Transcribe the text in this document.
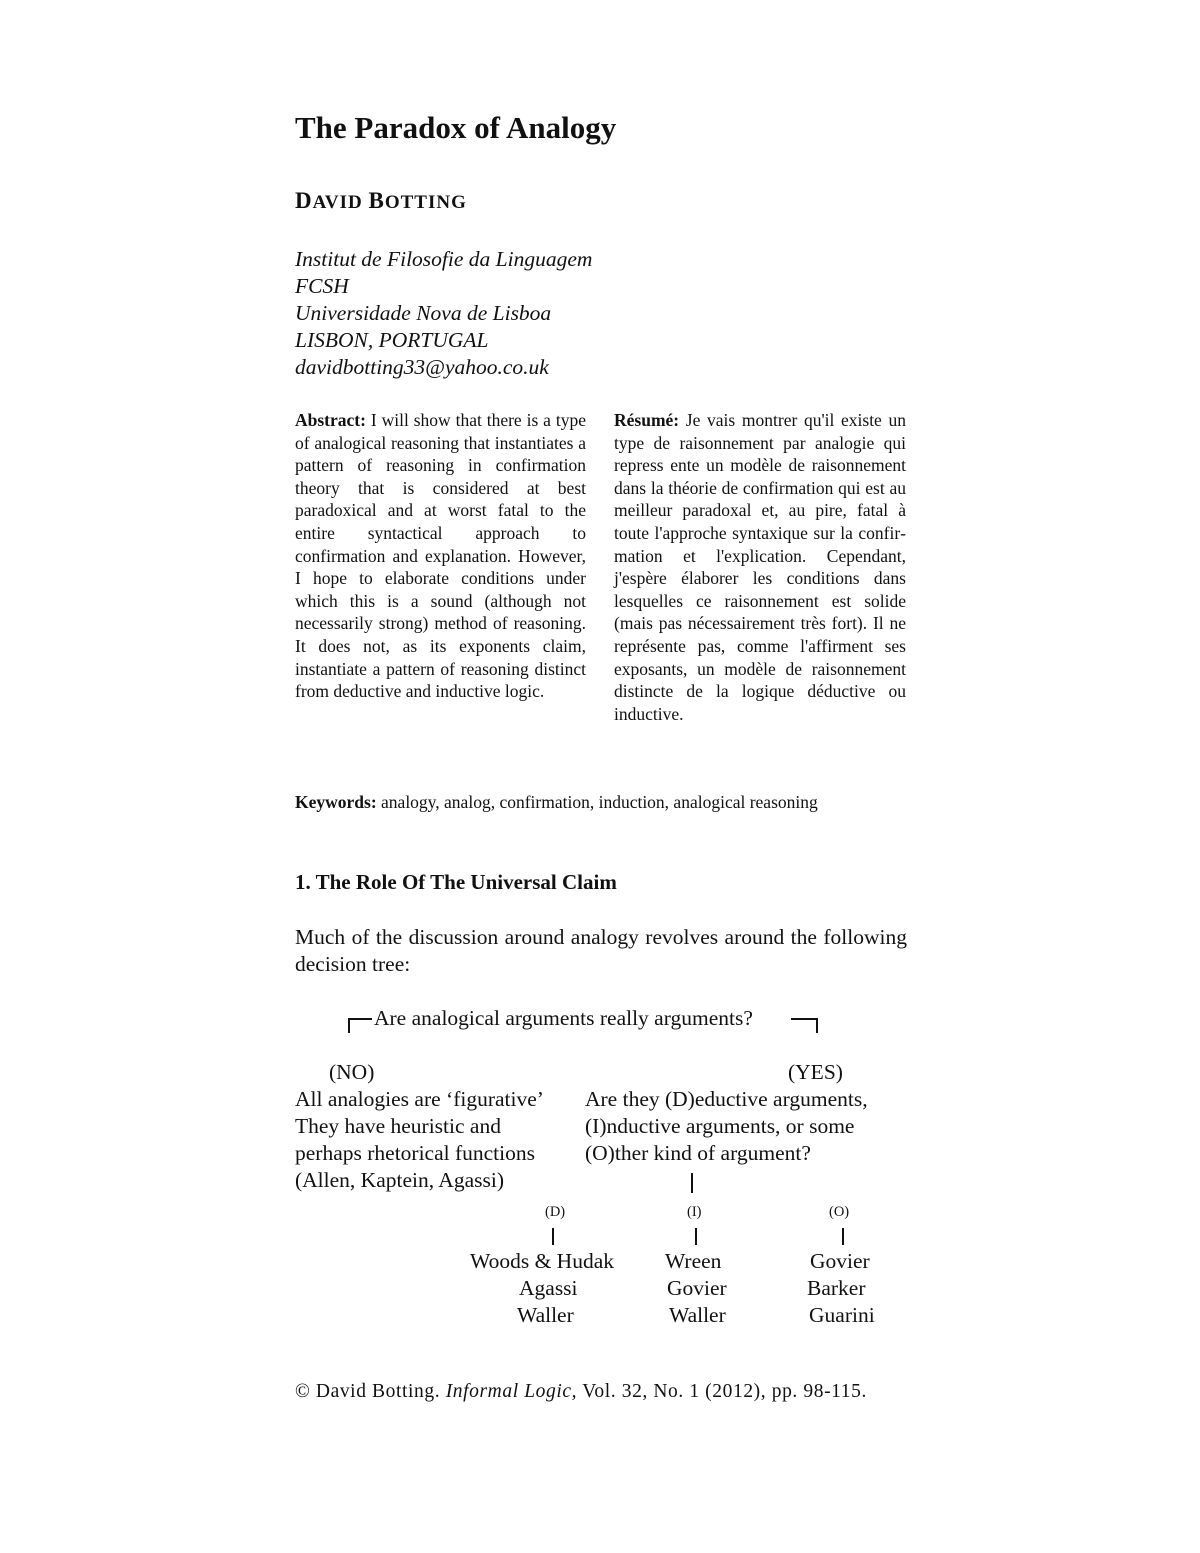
The Paradox of Analogy
DAVID BOTTING
Institut de Filosofie da Linguagem
FCSH
Universidade Nova de Lisboa
LISBON, PORTUGAL
davidbotting33@yahoo.co.uk
Abstract: I will show that there is a type of analogical reasoning that instantiates a pattern of reasoning in confirmation theory that is considered at best paradoxical and at worst fatal to the entire syntactical approach to confirmation and explanation. However, I hope to elaborate conditions under which this is a sound (although not necessarily strong) method of reasoning. It does not, as its exponents claim, instantiate a pattern of reasoning distinct from deductive and inductive logic.
Résumé: Je vais montrer qu'il existe un type de raisonnement par analogie qui repress ente un modèle de raisonnement dans la théorie de confirmation qui est au meilleur paradoxal et, au pire, fatal à toute l'approche syntaxique sur la confirmation et l'explication. Cependant, j'espère élaborer les conditions dans lesquelles ce raisonnement est solide (mais pas nécessairement très fort). Il ne représente pas, comme l'affirment ses exposants, un modèle de raisonnement distincte de la logique déductive ou inductive.
Keywords: analogy, analog, confirmation, induction, analogical reasoning
1. The Role Of The Universal Claim
Much of the discussion around analogy revolves around the following decision tree:
Are analogical arguments really arguments?
(NO)	(YES)
All analogies are ‘figurative’
They have heuristic and
perhaps rhetorical functions
(Allen, Kaptein, Agassi)
Are they (D)eductive arguments,
(I)nductive arguments, or some
(O)ther kind of argument?
(D)	(I)	(O)
Woods & Hudak
Agassi
Waller
Wreen
Govier
Waller
Govier
Barker
Guarini
© David Botting. Informal Logic, Vol. 32, No. 1 (2012), pp. 98-115.
